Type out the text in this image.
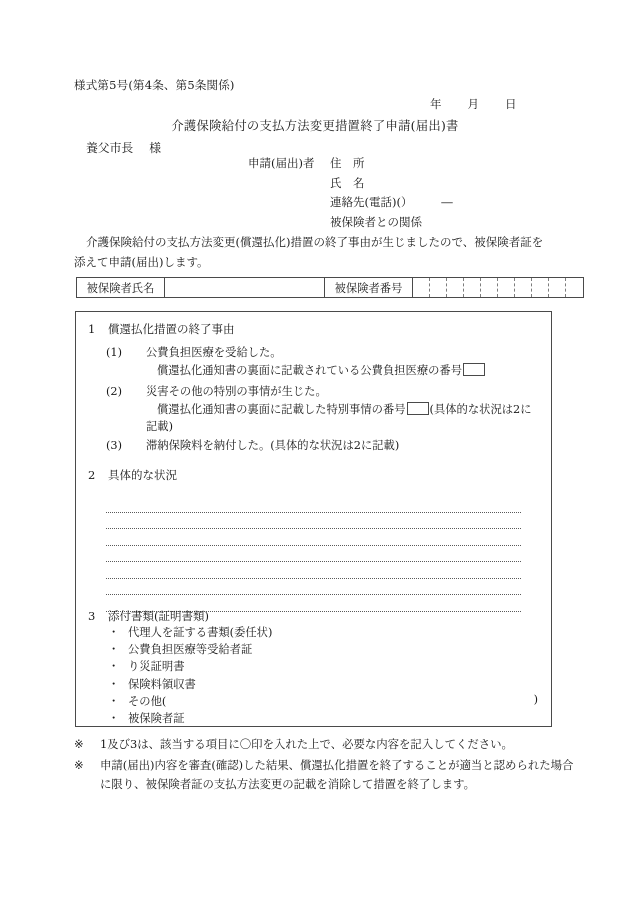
様式第5号(第4条、第5条関係)
年 月 日
介護保険給付の支払方法変更措置終了申請(届出)書
養父市長 様
申請(届出)者	住　所
氏　名
連絡先(電話)( ）　　　―
被保険者との関係
介護保険給付の支払方法変更(償還払化)措置の終了事由が生じましたので、被保険者証を添えて申請(届出)します。
被保険者氏名	被保険者番号
1 償還払化措置の終了事由
(1)	公費負担医療を受給した。
償還払化通知書の裏面に記載されている公費負担医療の番号
(2)	災害その他の特別の事情が生じた。
償還払化通知書の裏面に記載した特別事情の番号 (具体的な状況は2に記載)
(3)	滞納保険料を納付した。(具体的な状況は2に記載)
2 具体的な状況
3 添付書類(証明書類)
・ 代理人を証する書類(委任状)
・ 公費負担医療等受給者証
・ り災証明書
・ 保険料領収書
・ その他(	)
・ 被保険者証
※	1及び3は、該当する項目に〇印を入れた上で、必要な内容を記入してください。
※	申請(届出)内容を審査(確認)した結果、償還払化措置を終了することが適当と認められた場合に限り、被保険者証の支払方法変更の記載を消除して措置を終了します。
